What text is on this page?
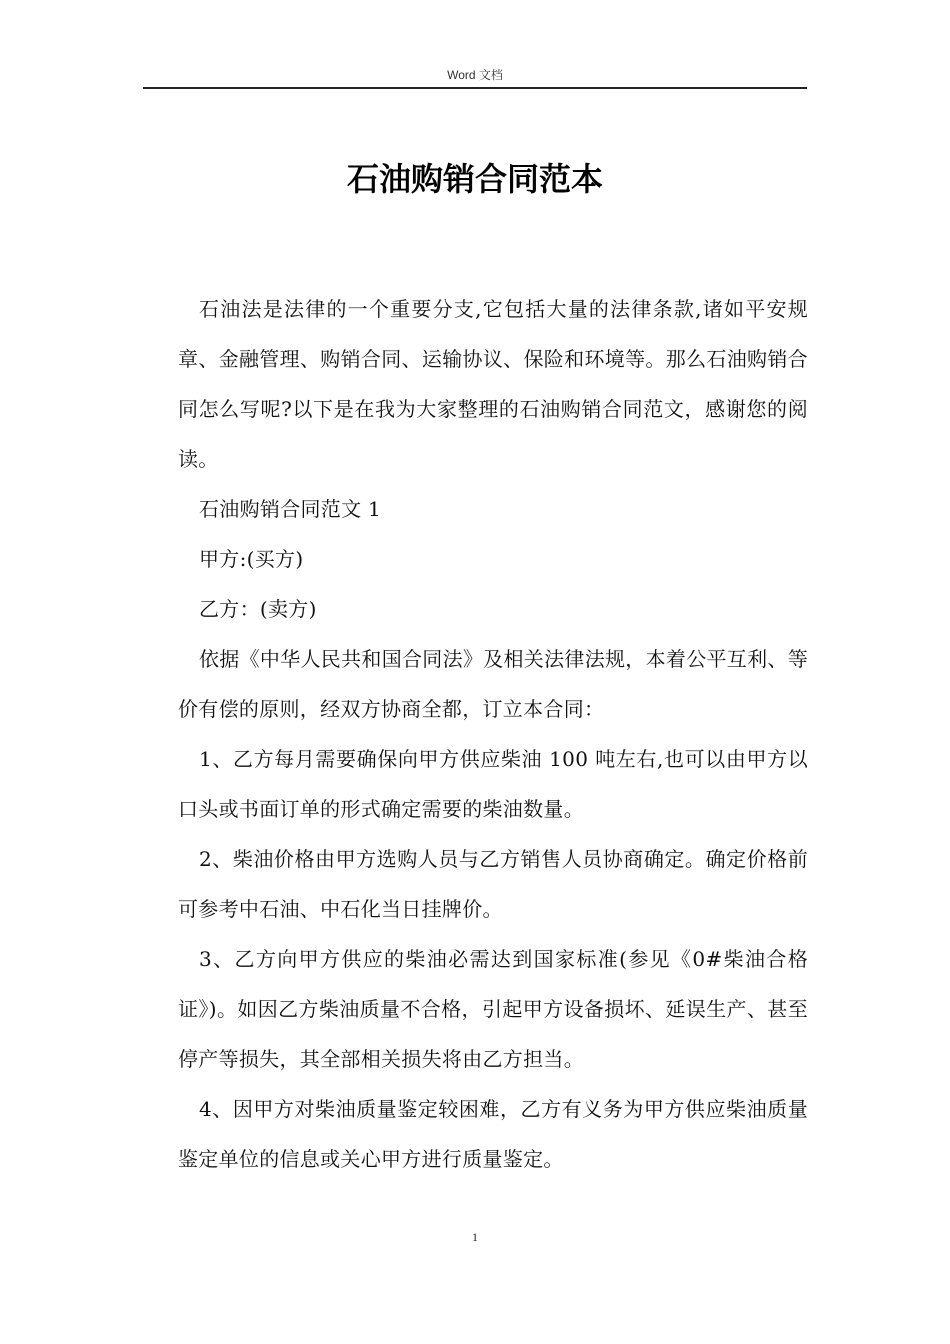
Word 文档
石油购销合同范本

石油法是法律的一个重要分支,它包括大量的法律条款,诸如平安规章、金融管理、购销合同、运输协议、保险和环境等。那么石油购销合同怎么写呢?以下是在我为大家整理的石油购销合同范文，感谢您的阅读。

石油购销合同范文 1

甲方:(买方)

乙方：(卖方)

依据《中华人民共和国合同法》及相关法律法规，本着公平互利、等价有偿的原则，经双方协商全都，订立本合同：

1、乙方每月需要确保向甲方供应柴油 100 吨左右,也可以由甲方以口头或书面订单的形式确定需要的柴油数量。

2、柴油价格由甲方选购人员与乙方销售人员协商确定。确定价格前可参考中石油、中石化当日挂牌价。

3、乙方向甲方供应的柴油必需达到国家标准(参见《0#柴油合格证》)。如因乙方柴油质量不合格，引起甲方设备损坏、延误生产、甚至停产等损失，其全部相关损失将由乙方担当。

4、因甲方对柴油质量鉴定较困难，乙方有义务为甲方供应柴油质量鉴定单位的信息或关心甲方进行质量鉴定。

1
